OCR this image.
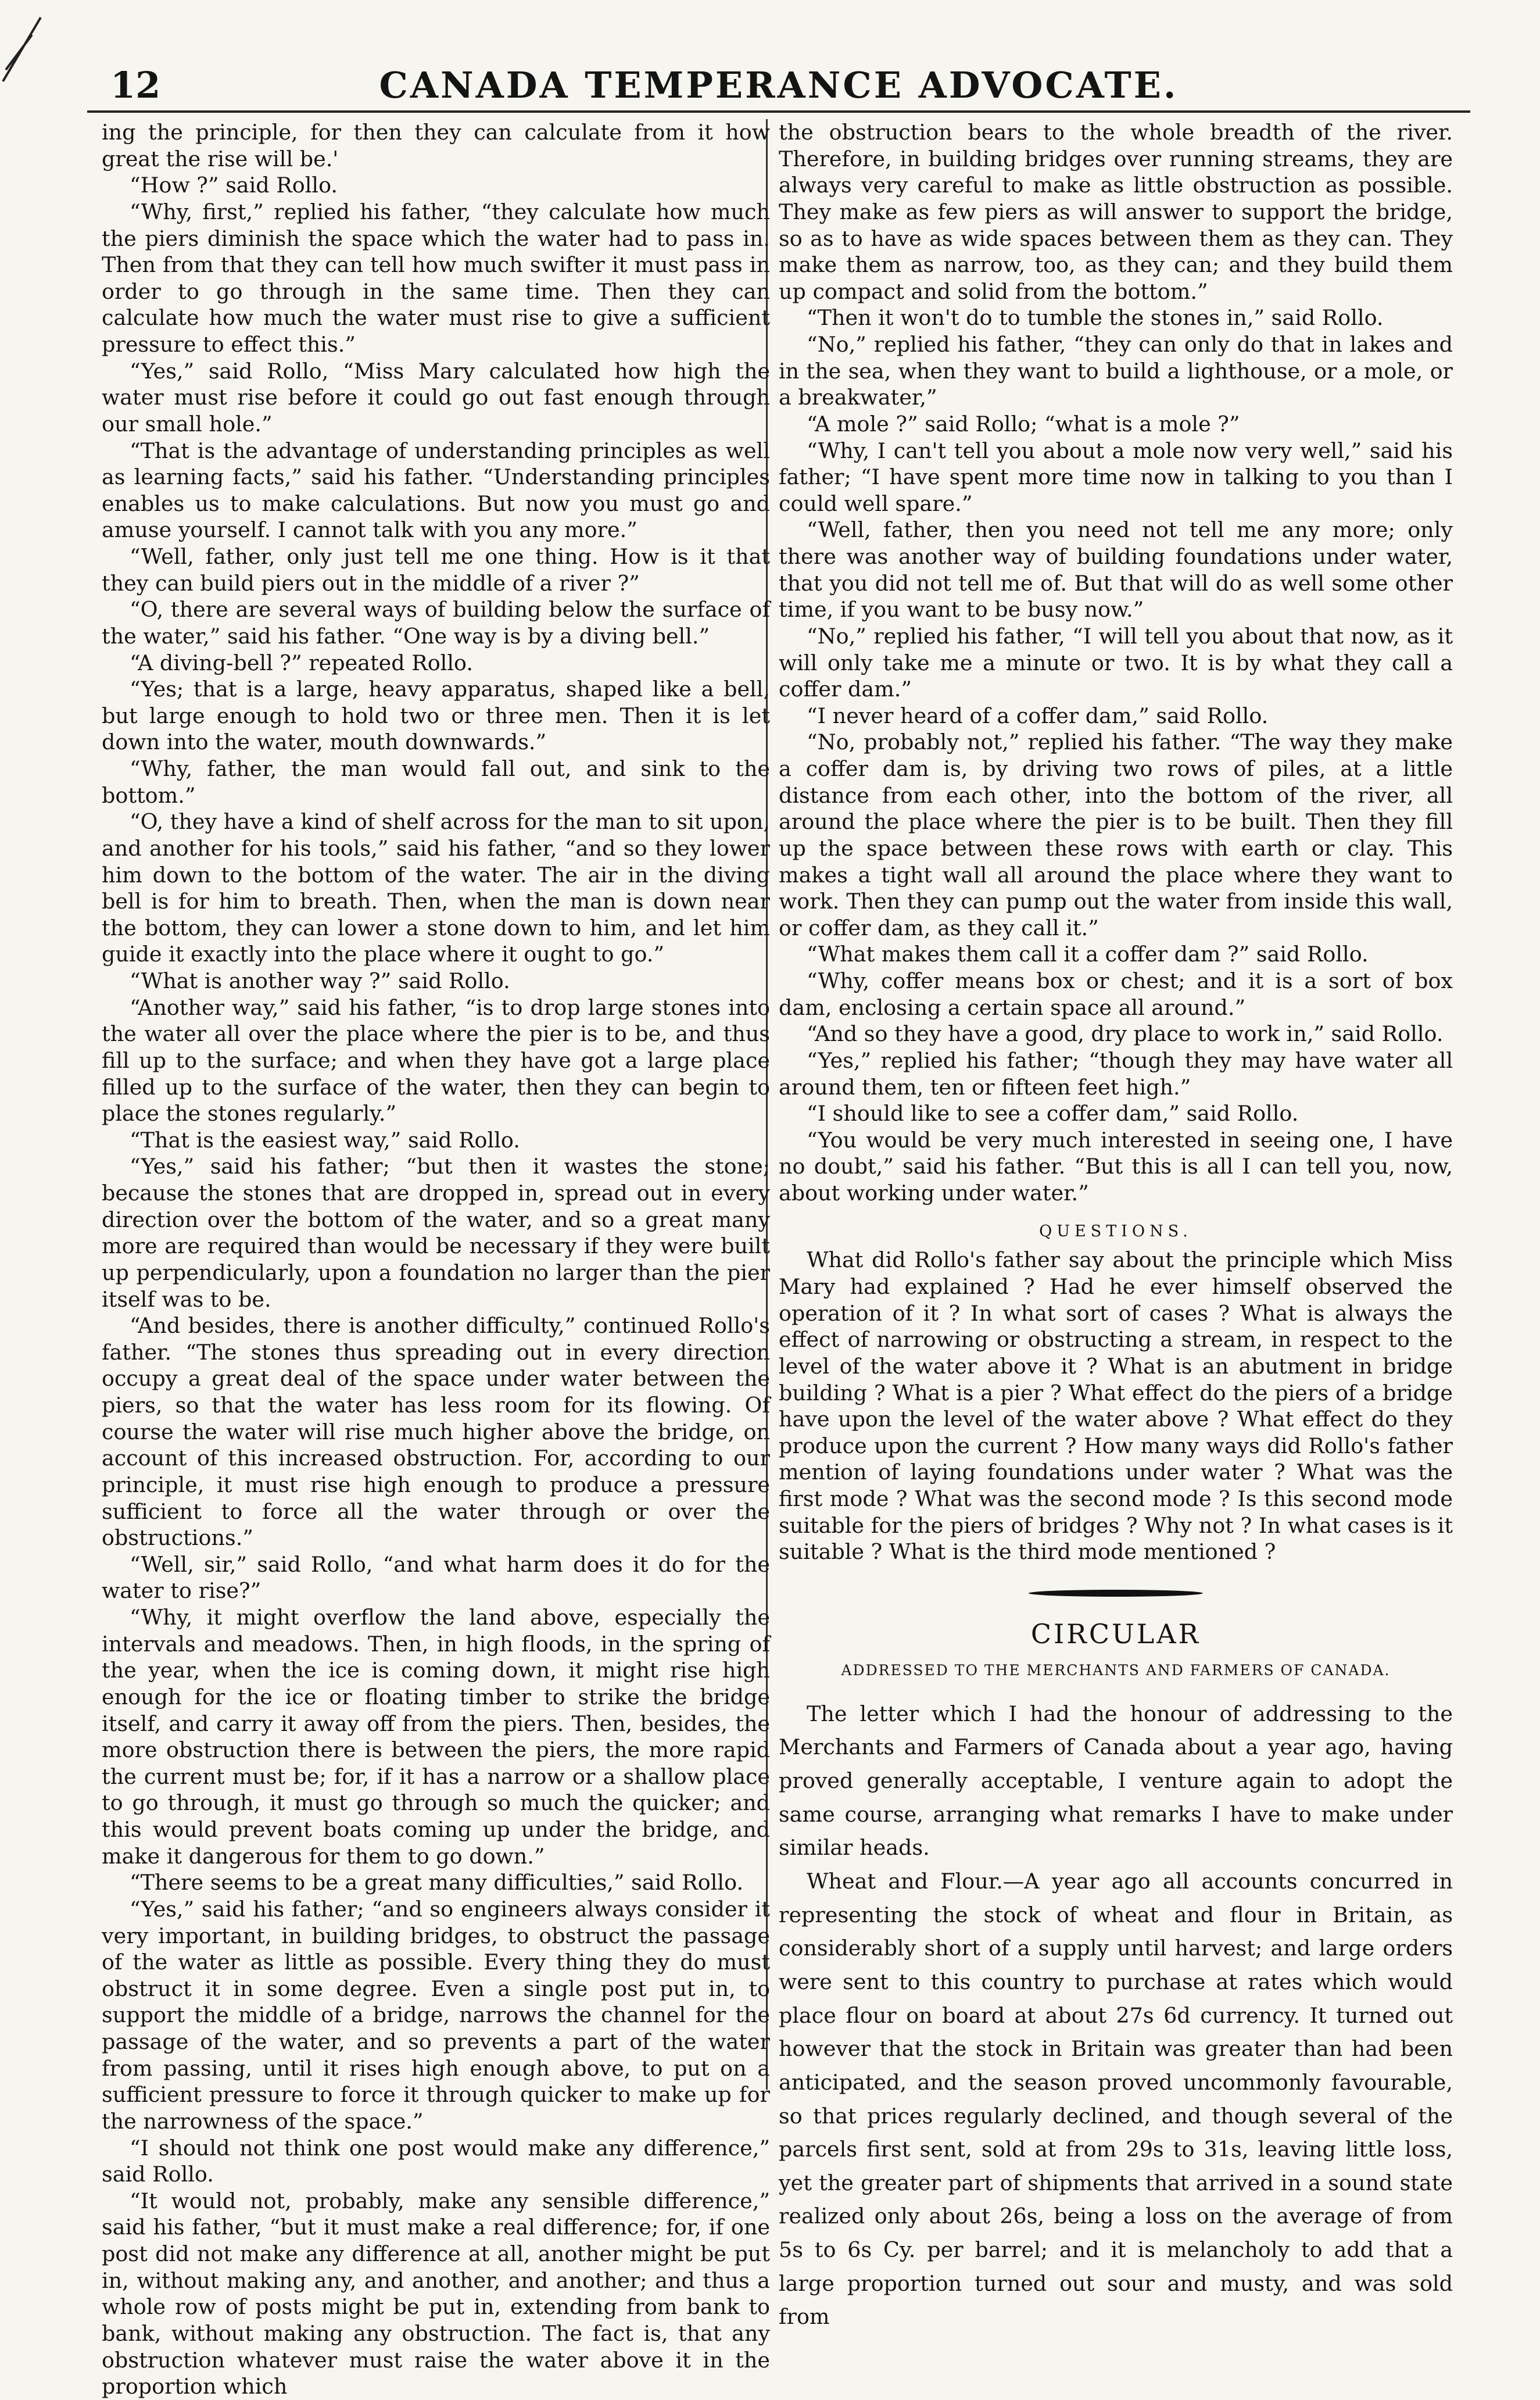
12	CANADA TEMPERANCE ADVOCATE.

ing the principle, for then they can calculate from it how great the rise will be.'

“How ?” said Rollo.

“Why, first,” replied his father, “they calculate how much the piers diminish the space which the water had to pass in. Then from that they can tell how much swifter it must pass in order to go through in the same time. Then they can calculate how much the water must rise to give a sufficient pressure to effect this.”

“Yes,” said Rollo, “Miss Mary calculated how high the water must rise before it could go out fast enough through our small hole.”

“That is the advantage of understanding principles as well as learning facts,” said his father. “Understanding principles enables us to make calculations. But now you must go and amuse yourself. I cannot talk with you any more.”

“Well, father, only just tell me one thing. How is it that they can build piers out in the middle of a river ?”

“O, there are several ways of building below the surface of the water,” said his father. “One way is by a diving bell.”

“A diving-bell ?” repeated Rollo.

“Yes; that is a large, heavy apparatus, shaped like a bell, but large enough to hold two or three men. Then it is let down into the water, mouth downwards.”

“Why, father, the man would fall out, and sink to the bottom.”

“O, they have a kind of shelf across for the man to sit upon, and another for his tools,” said his father, “and so they lower him down to the bottom of the water. The air in the diving bell is for him to breath. Then, when the man is down near the bottom, they can lower a stone down to him, and let him guide it exactly into the place where it ought to go.”

“What is another way ?” said Rollo.

“Another way,” said his father, “is to drop large stones into the water all over the place where the pier is to be, and thus fill up to the surface; and when they have got a large place filled up to the surface of the water, then they can begin to place the stones regularly.”

“That is the easiest way,” said Rollo.

“Yes,” said his father; “but then it wastes the stone; because the stones that are dropped in, spread out in every direction over the bottom of the water, and so a great many more are required than would be necessary if they were built up perpendicularly, upon a foundation no larger than the pier itself was to be.

“And besides, there is another difficulty,” continued Rollo's father. “The stones thus spreading out in every direction occupy a great deal of the space under water between the piers, so that the water has less room for its flowing. Of course the water will rise much higher above the bridge, on account of this increased obstruction. For, according to our principle, it must rise high enough to produce a pressure sufficient to force all the water through or over the obstructions.”

“Well, sir,” said Rollo, “and what harm does it do for the water to rise?”

“Why, it might overflow the land above, especially the intervals and meadows. Then, in high floods, in the spring of the year, when the ice is coming down, it might rise high enough for the ice or floating timber to strike the bridge itself, and carry it away off from the piers. Then, besides, the more obstruction there is between the piers, the more rapid the current must be; for, if it has a narrow or a shallow place to go through, it must go through so much the quicker; and this would prevent boats coming up under the bridge, and make it dangerous for them to go down.”

“There seems to be a great many difficulties,” said Rollo.

“Yes,” said his father; “and so engineers always consider it very important, in building bridges, to obstruct the passage of the water as little as possible. Every thing they do must obstruct it in some degree. Even a single post put in, to support the middle of a bridge, narrows the channel for the passage of the water, and so prevents a part of the water from passing, until it rises high enough above, to put on a sufficient pressure to force it through quicker to make up for the narrowness of the space.”

“I should not think one post would make any difference,” said Rollo.

“It would not, probably, make any sensible difference,” said his father, “but it must make a real difference; for, if one post did not make any difference at all, another might be put in, without making any, and another, and another; and thus a whole row of posts might be put in, extending from bank to bank, without making any obstruction. The fact is, that any obstruction whatever must raise the water above it in the proportion which

the obstruction bears to the whole breadth of the river. Therefore, in building bridges over running streams, they are always very careful to make as little obstruction as possible. They make as few piers as will answer to support the bridge, so as to have as wide spaces between them as they can. They make them as narrow, too, as they can; and they build them up compact and solid from the bottom.”

“Then it won't do to tumble the stones in,” said Rollo.

“No,” replied his father, “they can only do that in lakes and in the sea, when they want to build a lighthouse, or a mole, or a breakwater,”

“A mole ?” said Rollo; “what is a mole ?”

“Why, I can't tell you about a mole now very well,” said his father; “I have spent more time now in talking to you than I could well spare.”

“Well, father, then you need not tell me any more; only there was another way of building foundations under water, that you did not tell me of. But that will do as well some other time, if you want to be busy now.”

“No,” replied his father, “I will tell you about that now, as it will only take me a minute or two. It is by what they call a coffer dam.”

“I never heard of a coffer dam,” said Rollo.

“No, probably not,” replied his father. “The way they make a coffer dam is, by driving two rows of piles, at a little distance from each other, into the bottom of the river, all around the place where the pier is to be built. Then they fill up the space between these rows with earth or clay. This makes a tight wall all around the place where they want to work. Then they can pump out the water from inside this wall, or coffer dam, as they call it.”

“What makes them call it a coffer dam ?” said Rollo.

“Why, coffer means box or chest; and it is a sort of box dam, enclosing a certain space all around.”

“And so they have a good, dry place to work in,” said Rollo.

“Yes,” replied his father; “though they may have water all around them, ten or fifteen feet high.”

“I should like to see a coffer dam,” said Rollo.

“You would be very much interested in seeing one, I have no doubt,” said his father. “But this is all I can tell you, now, about working under water.”

QUESTIONS.

What did Rollo's father say about the principle which Miss Mary had explained ? Had he ever himself observed the operation of it ? In what sort of cases ? What is always the effect of narrowing or obstructing a stream, in respect to the level of the water above it ? What is an abutment in bridge building ? What is a pier ? What effect do the piers of a bridge have upon the level of the water above ? What effect do they produce upon the current ? How many ways did Rollo's father mention of laying foundations under water ? What was the first mode ? What was the second mode ? Is this second mode suitable for the piers of bridges ? Why not ? In what cases is it suitable ? What is the third mode mentioned ?

CIRCULAR
ADDRESSED TO THE MERCHANTS AND FARMERS OF CANADA.

The letter which I had the honour of addressing to the Merchants and Farmers of Canada about a year ago, having proved generally acceptable, I venture again to adopt the same course, arranging what remarks I have to make under similar heads.

Wheat and Flour.—A year ago all accounts concurred in representing the stock of wheat and flour in Britain, as considerably short of a supply until harvest; and large orders were sent to this country to purchase at rates which would place flour on board at about 27s 6d currency. It turned out however that the stock in Britain was greater than had been anticipated, and the season proved uncommonly favourable, so that prices regularly declined, and though several of the parcels first sent, sold at from 29s to 31s, leaving little loss, yet the greater part of shipments that arrived in a sound state realized only about 26s, being a loss on the average of from 5s to 6s Cy. per barrel; and it is melancholy to add that a large proportion turned out sour and musty, and was sold from
